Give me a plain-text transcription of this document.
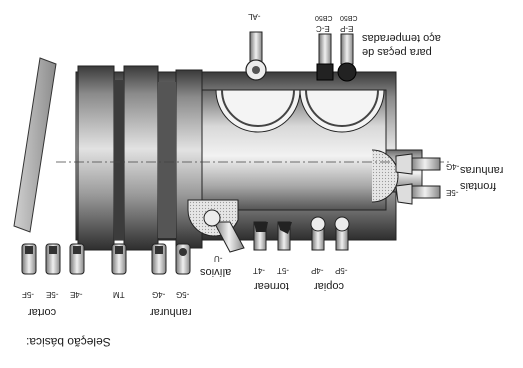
-AL	CB50 CB50
E-C E-P
aço temperadas
para peças de
-4G
-5E
ranhuras
frontais
-U
alívios	-4T -5T	-4P -5P
tornear copiar
-5F -5E -4E	TM	-4G -5G
cortar	ranhurar
Seleção básica:
